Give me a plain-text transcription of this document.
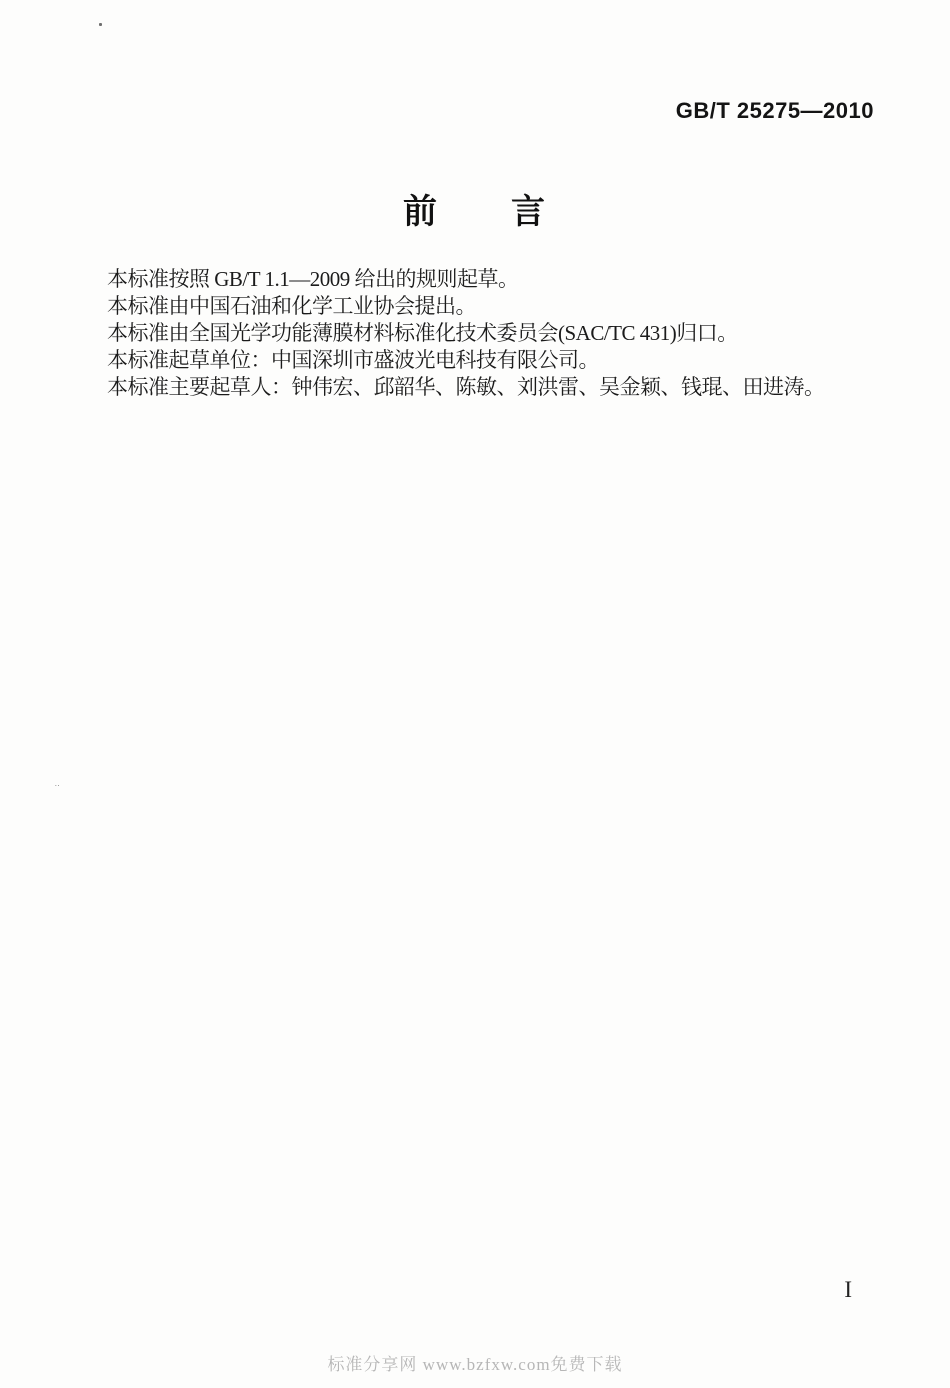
GB/T 25275—2010
前　　言

本标准按照 GB/T 1.1—2009 给出的规则起草。

本标准由中国石油和化学工业协会提出。

本标准由全国光学功能薄膜材料标准化技术委员会(SAC/TC 431)归口。

本标准起草单位：中国深圳市盛波光电科技有限公司。

本标准主要起草人：钟伟宏、邱韶华、陈敏、刘洪雷、吴金颖、钱琨、田进涛。

..
I
标准分享网 www.bzfxw.com免费下载
